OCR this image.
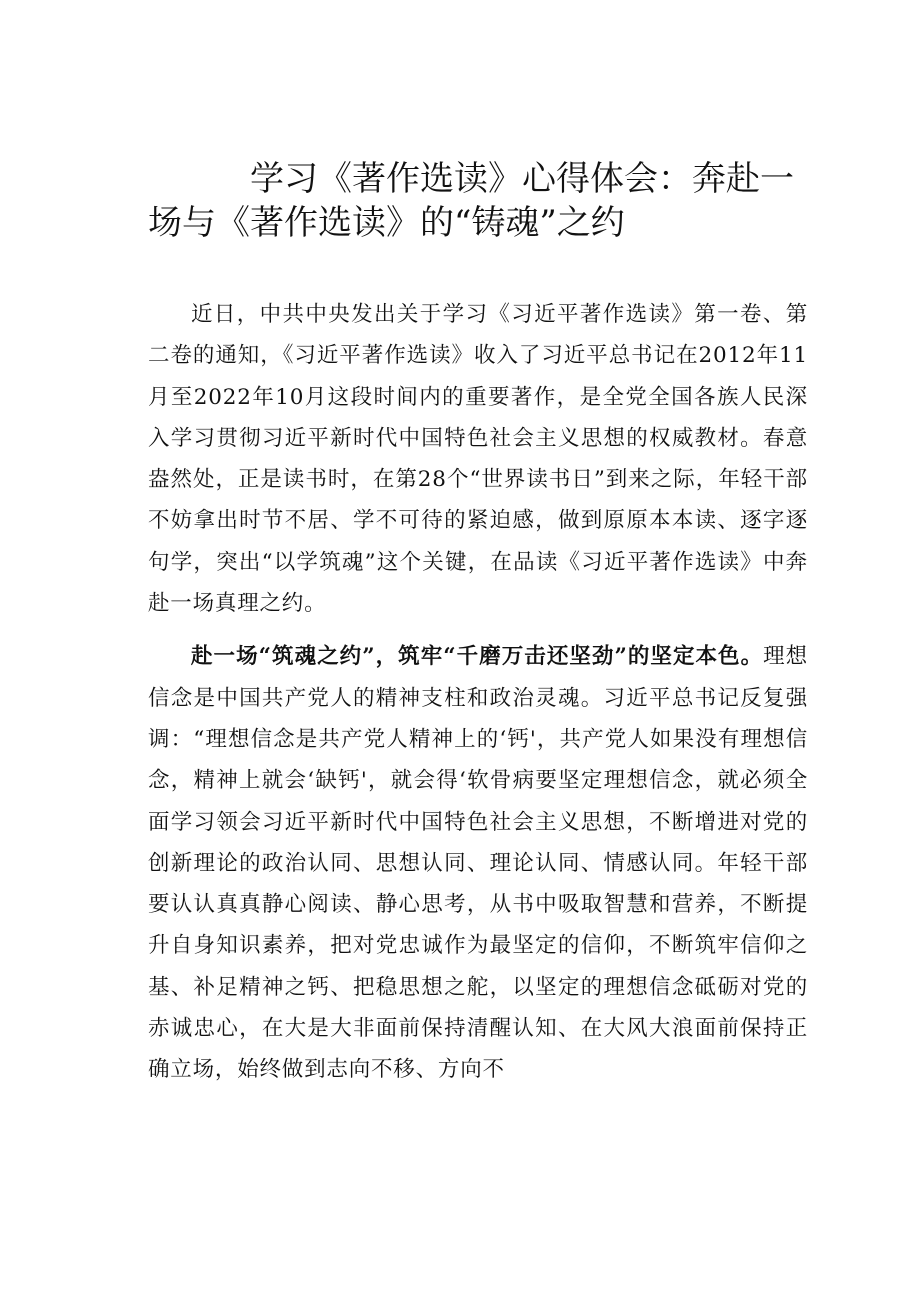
学习《著作选读》心得体会：奔赴一场与《著作选读》的“铸魂”之约

近日，中共中央发出关于学习《习近平著作选读》第一卷、第二卷的通知，《习近平著作选读》收入了习近平总书记在2012年11月至2022年10月这段时间内的重要著作，是全党全国各族人民深入学习贯彻习近平新时代中国特色社会主义思想的权威教材。春意盎然处，正是读书时，在第28个“世界读书日”到来之际，年轻干部不妨拿出时节不居、学不可待的紧迫感，做到原原本本读、逐字逐句学，突出“以学筑魂”这个关键，在品读《习近平著作选读》中奔赴一场真理之约。

赴一场“筑魂之约”，筑牢“千磨万击还坚劲”的坚定本色。理想信念是中国共产党人的精神支柱和政治灵魂。习近平总书记反复强调：“理想信念是共产党人精神上的‘钙'，共产党人如果没有理想信念，精神上就会‘缺钙'，就会得‘软骨病要坚定理想信念，就必须全面学习领会习近平新时代中国特色社会主义思想，不断增进对党的创新理论的政治认同、思想认同、理论认同、情感认同。年轻干部要认认真真静心阅读、静心思考，从书中吸取智慧和营养，不断提升自身知识素养，把对党忠诚作为最坚定的信仰，不断筑牢信仰之基、补足精神之钙、把稳思想之舵，以坚定的理想信念砥砺对党的赤诚忠心，在大是大非面前保持清醒认知、在大风大浪面前保持正确立场，始终做到志向不移、方向不
